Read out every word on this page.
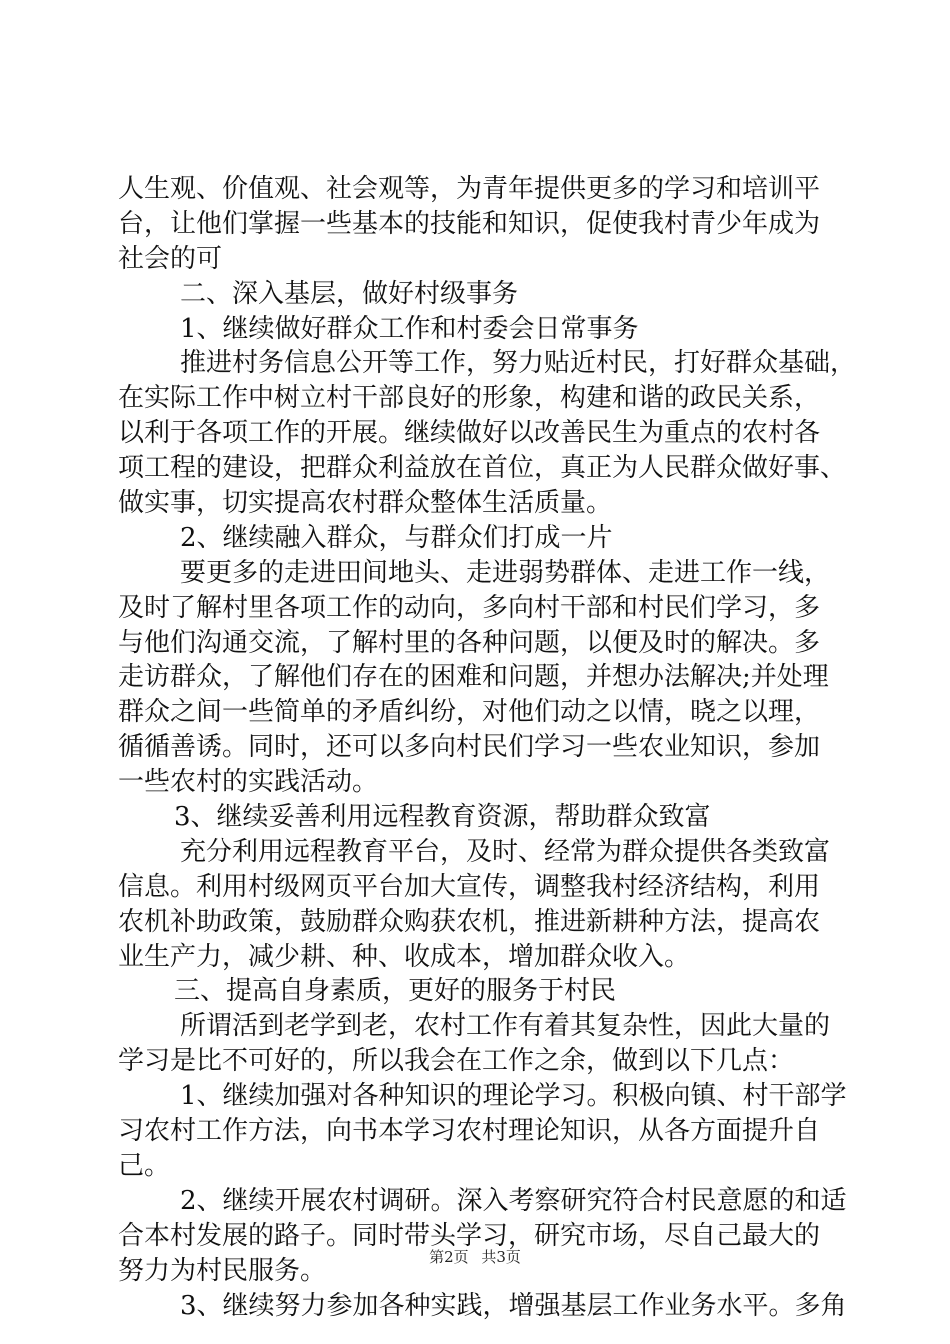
人生观、价值观、社会观等，为青年提供更多的学习和培训平
台，让他们掌握一些基本的技能和知识，促使我村青少年成为
社会的可
二、深入基层，做好村级事务
1、继续做好群众工作和村委会日常事务
推进村务信息公开等工作，努力贴近村民，打好群众基础，
在实际工作中树立村干部良好的形象，构建和谐的政民关系，
以利于各项工作的开展。继续做好以改善民生为重点的农村各
项工程的建设，把群众利益放在首位，真正为人民群众做好事、
做实事，切实提高农村群众整体生活质量。
2、继续融入群众，与群众们打成一片
要更多的走进田间地头、走进弱势群体、走进工作一线，
及时了解村里各项工作的动向，多向村干部和村民们学习，多
与他们沟通交流，了解村里的各种问题，以便及时的解决。多
走访群众，了解他们存在的困难和问题，并想办法解决;并处理
群众之间一些简单的矛盾纠纷，对他们动之以情，晓之以理，
循循善诱。同时，还可以多向村民们学习一些农业知识，参加
一些农村的实践活动。
3、继续妥善利用远程教育资源，帮助群众致富
充分利用远程教育平台，及时、经常为群众提供各类致富
信息。利用村级网页平台加大宣传，调整我村经济结构，利用
农机补助政策，鼓励群众购获农机，推进新耕种方法，提高农
业生产力，减少耕、种、收成本，增加群众收入。
三、提高自身素质，更好的服务于村民
所谓活到老学到老，农村工作有着其复杂性，因此大量的
学习是比不可好的，所以我会在工作之余，做到以下几点：
1、继续加强对各种知识的理论学习。积极向镇、村干部学
习农村工作方法，向书本学习农村理论知识，从各方面提升自
己。
2、继续开展农村调研。深入考察研究符合村民意愿的和适
合本村发展的路子。同时带头学习，研究市场，尽自己最大的
努力为村民服务。
3、继续努力参加各种实践，增强基层工作业务水平。多角
第2页 共3页
